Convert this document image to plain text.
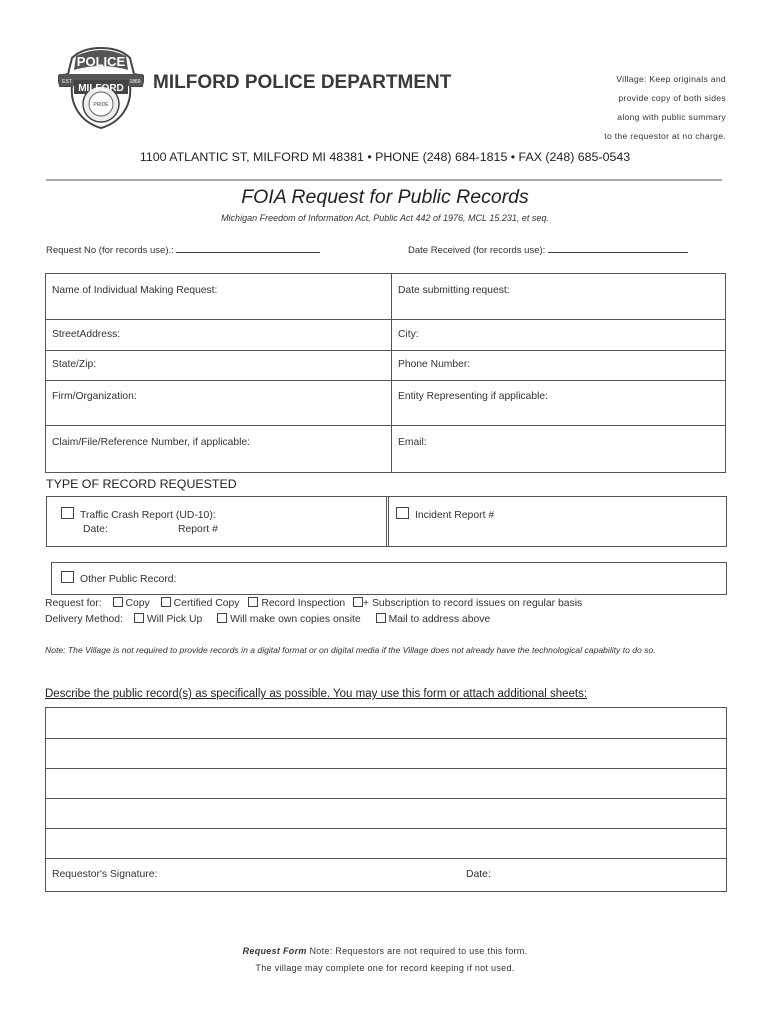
POLICE
MILFORD
EST	1869
PRIDE
MILFORD POLICE DEPARTMENT	Village: Keep originals and
provide copy of both sides
along with public summary
to the requestor at no charge.
1100 ATLANTIC ST, MILFORD MI 48381 • PHONE (248) 684-1815 • FAX (248) 685-0543
FOIA Request for Public Records
Michigan Freedom of Information Act, Public Act 442 of 1976, MCL 15.231, et seq.
Request No (for records use).:	Date Received (for records use):
Name of Individual Making Request:	Date submitting request:
StreetAddress:	City:
State/Zip:	Phone Number:
Firm/Organization:	Entity Representing if applicable:
Claim/File/Reference Number, if applicable:	Email:
TYPE OF RECORD REQUESTED
Traffic Crash Report (UD-10):
Date:	Report #
Incident Report #
Other Public Record:
Request for: Copy Certified Copy Record Inspection + Subscription to record issues on regular basis
Delivery Method: Will Pick Up	Will make own copies onsite	Mail to address above
Note: The Village is not required to provide records in a digital format or on digital media if the Village does not already have the technological capability to do so.
Describe the public record(s) as specifically as possible. You may use this form or attach additional sheets:
Requestor's Signature:	Date:
Request Form Note: Requestors are not required to use this form.
The village may complete one for record keeping if not used.
